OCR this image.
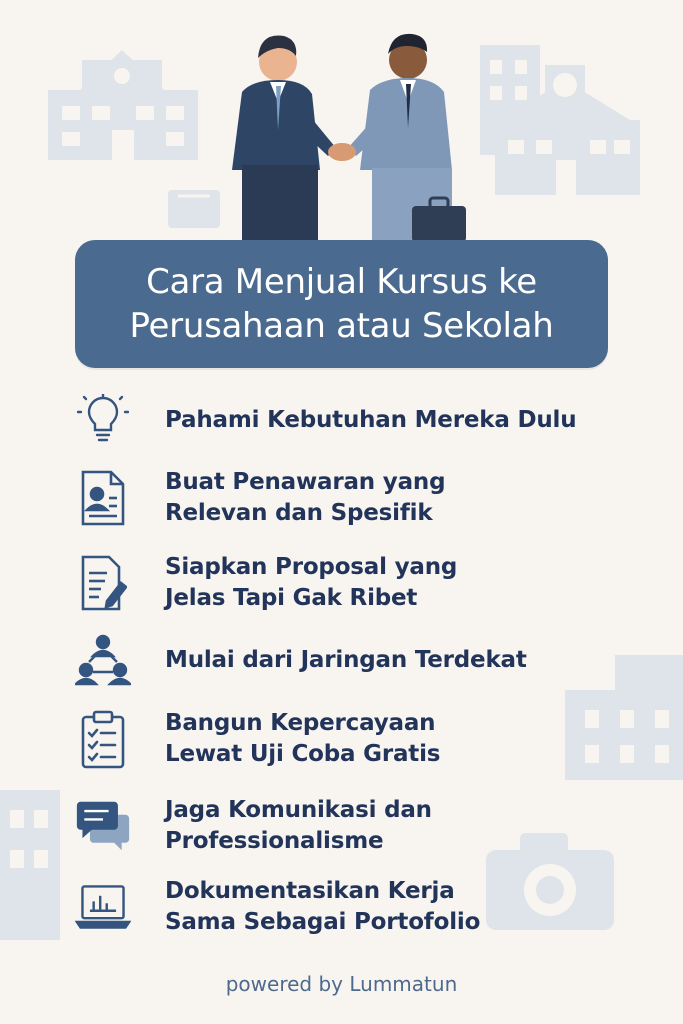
Cara Menjual Kursus ke
Perusahaan atau Sekolah
Pahami Kebutuhan Mereka Dulu
Buat Penawaran yang
Relevan dan Spesifik
Siapkan Proposal yang
Jelas Tapi Gak Ribet
Mulai dari Jaringan Terdekat
Bangun Kepercayaan
Lewat Uji Coba Gratis
Jaga Komunikasi dan
Professionalisme
Dokumentasikan Kerja
Sama Sebagai Portofolio
powered by Lummatun
